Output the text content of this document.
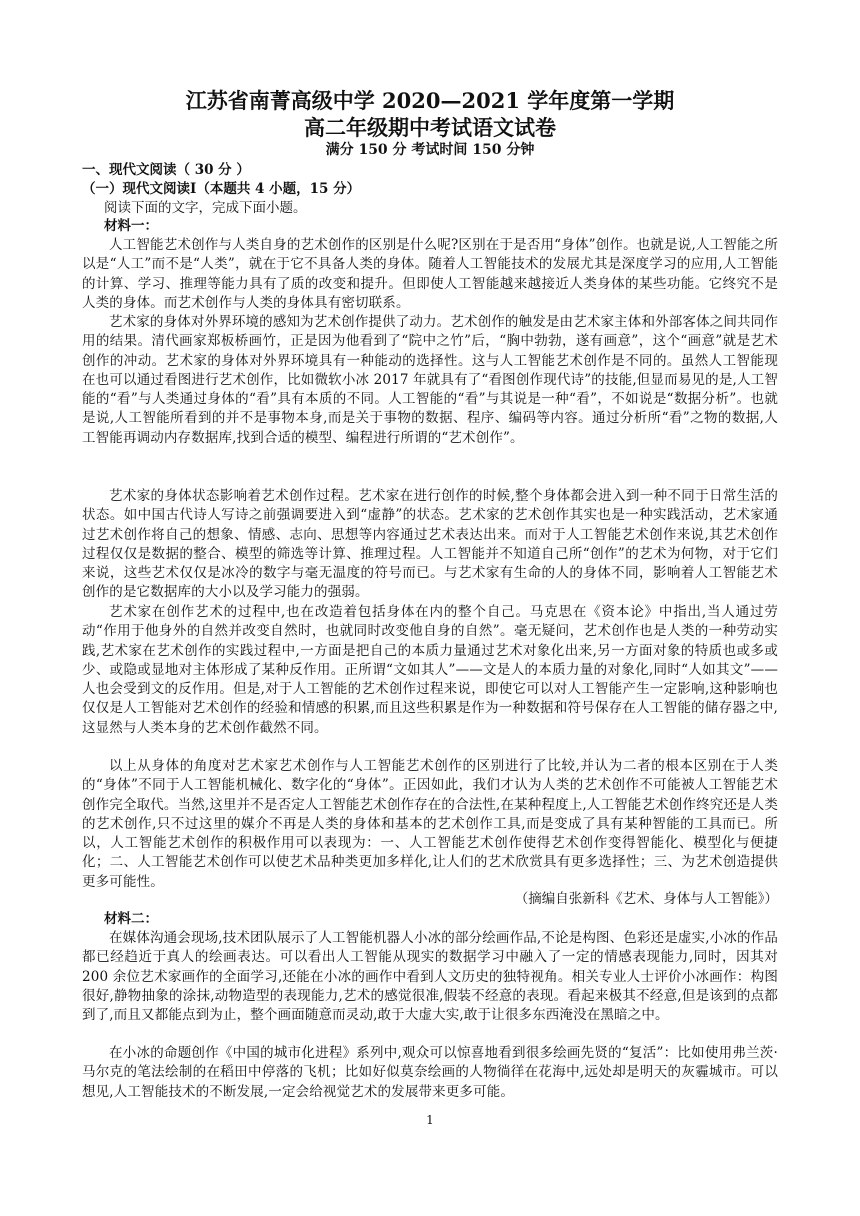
江苏省南菁高级中学 2020—2021 学年度第一学期
高二年级期中考试语文试卷
满分 150 分 考试时间 150 分钟
一、现代文阅读（ 30 分 ）
（一）现代文阅读Ⅰ（本题共 4 小题，15 分）
阅读下面的文字，完成下面小题。
材料一：

人工智能艺术创作与人类自身的艺术创作的区别是什么呢?区别在于是否用“身体”创作。也就是说,人工智能之所以是“人工”而不是“人类”，就在于它不具备人类的身体。随着人工智能技术的发展尤其是深度学习的应用,人工智能的计算、学习、推理等能力具有了质的改变和提升。但即使人工智能越来越接近人类身体的某些功能。它终究不是人类的身体。而艺术创作与人类的身体具有密切联系。

艺术家的身体对外界环境的感知为艺术创作提供了动力。艺术创作的触发是由艺术家主体和外部客体之间共同作用的结果。清代画家郑板桥画竹，正是因为他看到了“院中之竹”后，“胸中勃勃，遂有画意”，这个“画意”就是艺术创作的冲动。艺术家的身体对外界环境具有一种能动的选择性。这与人工智能艺术创作是不同的。虽然人工智能现在也可以通过看图进行艺术创作，比如微软小冰 2017 年就具有了“看图创作现代诗”的技能,但显而易见的是,人工智能的“看”与人类通过身体的“看”具有本质的不同。人工智能的“看”与其说是一种“看”，不如说是“数据分析”。也就是说,人工智能所看到的并不是事物本身,而是关于事物的数据、程序、编码等内容。通过分析所“看”之物的数据,人工智能再调动内存数据库,找到合适的模型、编程进行所谓的“艺术创作”。

艺术家的身体状态影响着艺术创作过程。艺术家在进行创作的时候,整个身体都会进入到一种不同于日常生活的状态。如中国古代诗人写诗之前强调要进入到“虚静”的状态。艺术家的艺术创作其实也是一种实践活动，艺术家通过艺术创作将自己的想象、情感、志向、思想等内容通过艺术表达出来。而对于人工智能艺术创作来说,其艺术创作过程仅仅是数据的整合、模型的筛选等计算、推理过程。人工智能并不知道自己所“创作”的艺术为何物，对于它们来说，这些艺术仅仅是冰冷的数字与毫无温度的符号而已。与艺术家有生命的人的身体不同，影响着人工智能艺术创作的是它数据库的大小以及学习能力的强弱。

艺术家在创作艺术的过程中,也在改造着包括身体在内的整个自己。马克思在《资本论》中指出,当人通过劳动“作用于他身外的自然并改变自然时，也就同时改变他自身的自然”。毫无疑问，艺术创作也是人类的一种劳动实践,艺术家在艺术创作的实践过程中,一方面是把自己的本质力量通过艺术对象化出来,另一方面对象的特质也或多或少、或隐或显地对主体形成了某种反作用。正所谓“文如其人”——文是人的本质力量的对象化,同时“人如其文”——人也会受到文的反作用。但是,对于人工智能的艺术创作过程来说，即使它可以对人工智能产生一定影响,这种影响也仅仅是人工智能对艺术创作的经验和情感的积累,而且这些积累是作为一种数据和符号保存在人工智能的储存器之中,这显然与人类本身的艺术创作截然不同。

以上从身体的角度对艺术家艺术创作与人工智能艺术创作的区别进行了比较,并认为二者的根本区别在于人类的“身体”不同于人工智能机械化、数字化的“身体”。正因如此，我们才认为人类的艺术创作不可能被人工智能艺术创作完全取代。当然,这里并不是否定人工智能艺术创作存在的合法性,在某种程度上,人工智能艺术创作终究还是人类的艺术创作,只不过这里的媒介不再是人类的身体和基本的艺术创作工具,而是变成了具有某种智能的工具而已。所以，人工智能艺术创作的积极作用可以表现为：一、人工智能艺术创作使得艺术创作变得智能化、模型化与便捷化；二、人工智能艺术创作可以使艺术品种类更加多样化,让人们的艺术欣赏具有更多选择性；三、为艺术创造提供更多可能性。

（摘编自张新科《艺术、身体与人工智能》）
材料二：

在媒体沟通会现场,技术团队展示了人工智能机器人小冰的部分绘画作品,不论是构图、色彩还是虚实,小冰的作品都已经趋近于真人的绘画表达。可以看出人工智能从现实的数据学习中融入了一定的情感表现能力,同时，因其对 200 余位艺术家画作的全面学习,还能在小冰的画作中看到人文历史的独特视角。相关专业人士评价小冰画作：构图很好,静物抽象的涂抹,动物造型的表现能力,艺术的感觉很准,假装不经意的表现。看起来极其不经意,但是该到的点都到了,而且又都能点到为止，整个画面随意而灵动,敢于大虚大实,敢于让很多东西淹没在黑暗之中。

在小冰的命题创作《中国的城市化进程》系列中,观众可以惊喜地看到很多绘画先贤的“复活”：比如使用弗兰茨·马尔克的笔法绘制的在稻田中停落的飞机；比如好似莫奈绘画的人物徜徉在花海中,远处却是明天的灰霾城市。可以想见,人工智能技术的不断发展,一定会给视觉艺术的发展带来更多可能。

1
